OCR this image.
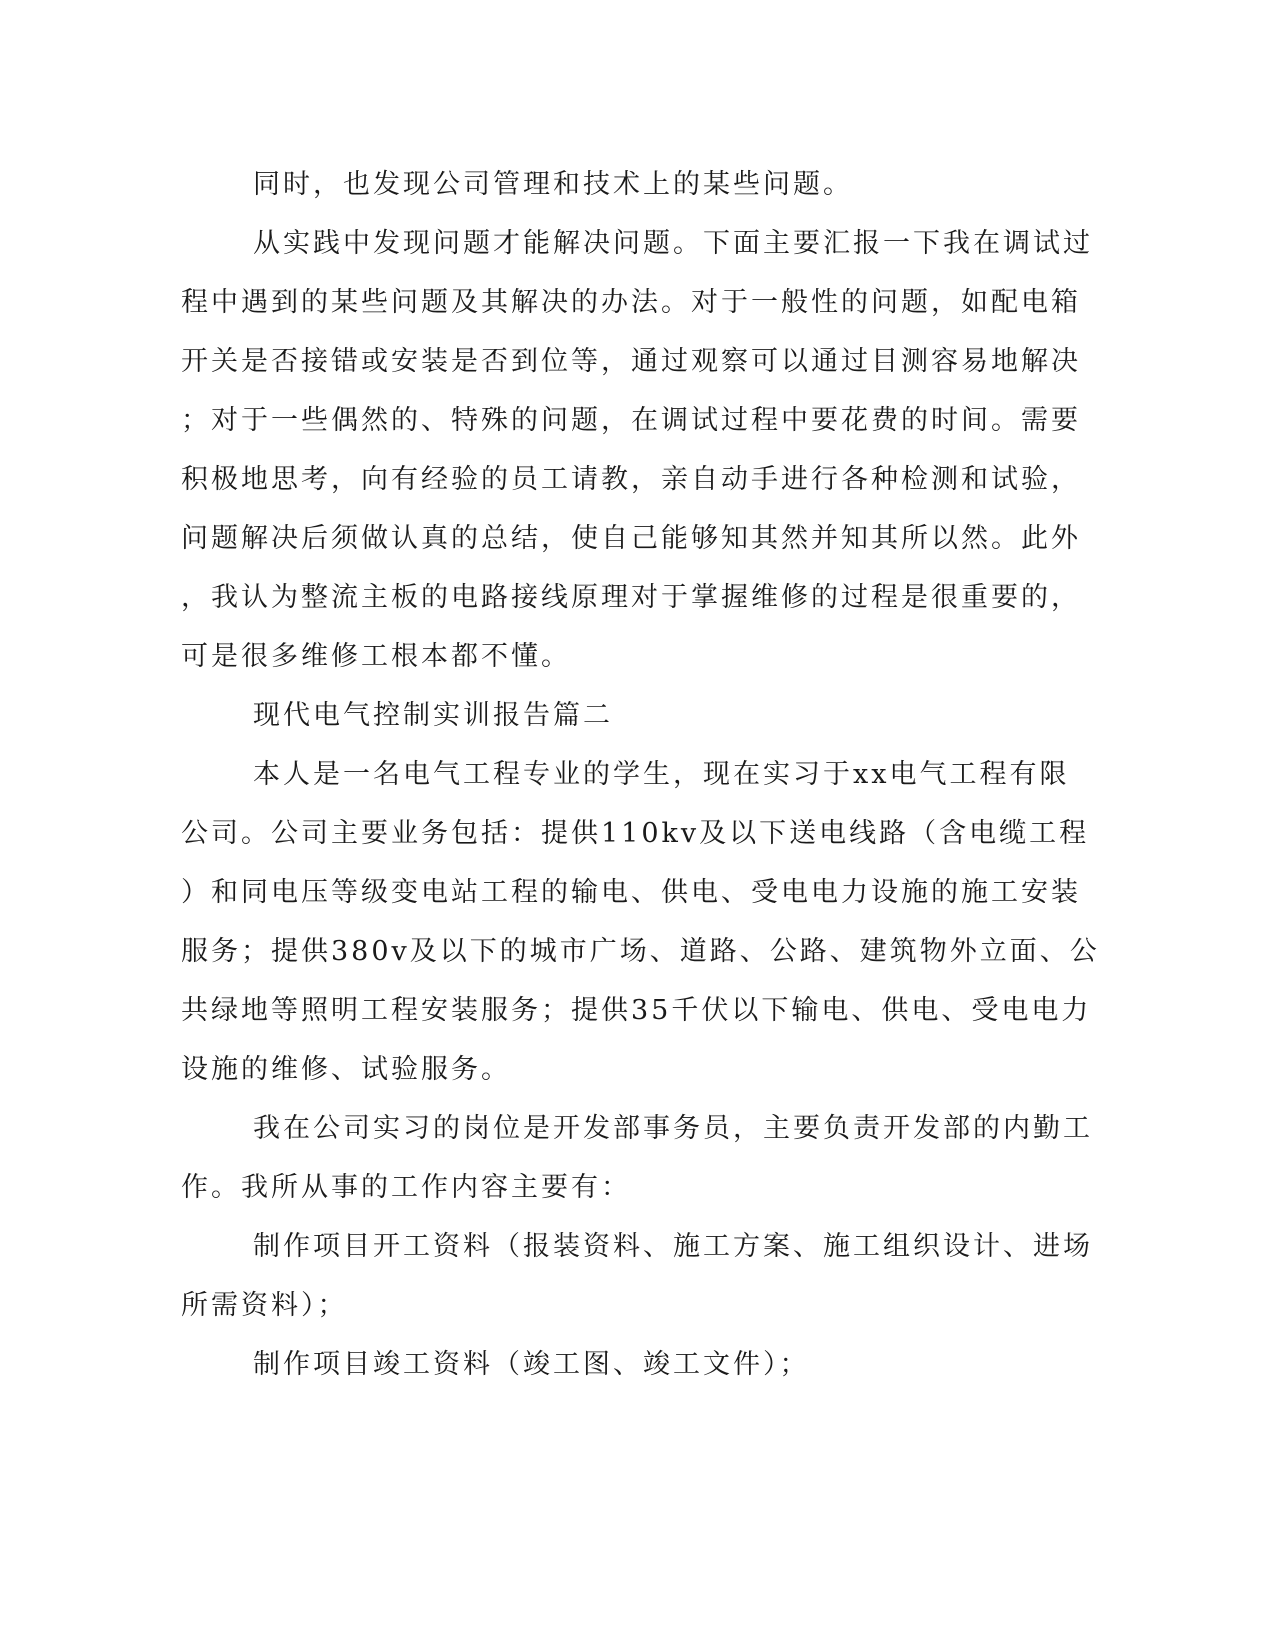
同时，也发现公司管理和技术上的某些问题。

从实践中发现问题才能解决问题。下面主要汇报一下我在调试过

程中遇到的某些问题及其解决的办法。对于一般性的问题，如配电箱

开关是否接错或安装是否到位等，通过观察可以通过目测容易地解决

；对于一些偶然的、特殊的问题，在调试过程中要花费的时间。需要

积极地思考，向有经验的员工请教，亲自动手进行各种检测和试验，

问题解决后须做认真的总结，使自己能够知其然并知其所以然。此外

，我认为整流主板的电路接线原理对于掌握维修的过程是很重要的，

可是很多维修工根本都不懂。

现代电气控制实训报告篇二

本人是一名电气工程专业的学生，现在实习于xx电气工程有限

公司。公司主要业务包括：提供110kv及以下送电线路（含电缆工程

）和同电压等级变电站工程的输电、供电、受电电力设施的施工安装

服务；提供380v及以下的城市广场、道路、公路、建筑物外立面、公

共绿地等照明工程安装服务；提供35千伏以下输电、供电、受电电力

设施的维修、试验服务。

我在公司实习的岗位是开发部事务员，主要负责开发部的内勤工

作。我所从事的工作内容主要有：

制作项目开工资料（报装资料、施工方案、施工组织设计、进场

所需资料）；

制作项目竣工资料（竣工图、竣工文件）；
